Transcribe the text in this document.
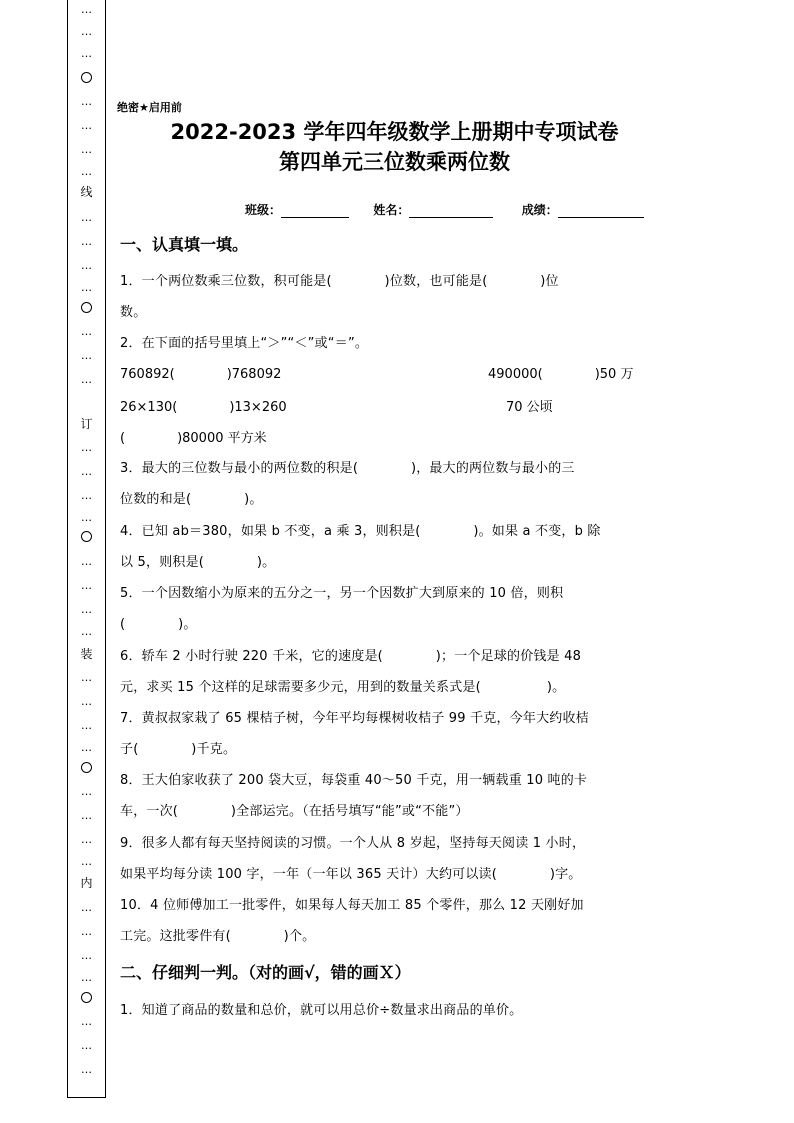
…
…
…
…
…
…
…
线
…
…
…
…
…
…
…
订
…
…
…
…
…
…
…
…
装
…
…
…
…
…
…
…
…
内
…
…
…
…
…
…
…
绝密★启用前
2022-2023 学年四年级数学上册期中专项试卷
第四单元三位数乘两位数
班级：	姓名：	成绩：
一、认真填一填。
1．一个两位数乘三位数，积可能是(　　　　)位数，也可能是(　　　　)位
数。
2．在下面的括号里填上“＞”“＜”或“＝”。
760892(　　　　)768092	490000(　　　　)50 万
26×130(　　　　)13×260	70 公顷
(　　　　)80000 平方米
3．最大的三位数与最小的两位数的积是(　　　　)，最大的两位数与最小的三
位数的和是(　　　　)。
4．已知 ab＝380，如果 b 不变，a 乘 3，则积是(　　　　)。如果 a 不变，b 除
以 5，则积是(　　　　)。
5．一个因数缩小为原来的五分之一，另一个因数扩大到原来的 10 倍，则积
(　　　　)。
6．轿车 2 小时行驶 220 千米，它的速度是(　　　　)；一个足球的价钱是 48
元，求买 15 个这样的足球需要多少元，用到的数量关系式是(　　　　　)。
7．黄叔叔家栽了 65 棵桔子树，今年平均每棵树收桔子 99 千克，今年大约收桔
子(　　　　)千克。
8．王大伯家收获了 200 袋大豆，每袋重 40～50 千克，用一辆载重 10 吨的卡
车，一次(　　　　)全部运完。（在括号填写“能”或“不能”）
9．很多人都有每天坚持阅读的习惯。一个人从 8 岁起，坚持每天阅读 1 小时，
如果平均每分读 100 字，一年（一年以 365 天计）大约可以读(　　　　)字。
10．4 位师傅加工一批零件，如果每人每天加工 85 个零件，那么 12 天刚好加
工完。这批零件有(　　　　)个。
二、仔细判一判。（对的画√，错的画Ｘ）
1．知道了商品的数量和总价，就可以用总价÷数量求出商品的单价。
